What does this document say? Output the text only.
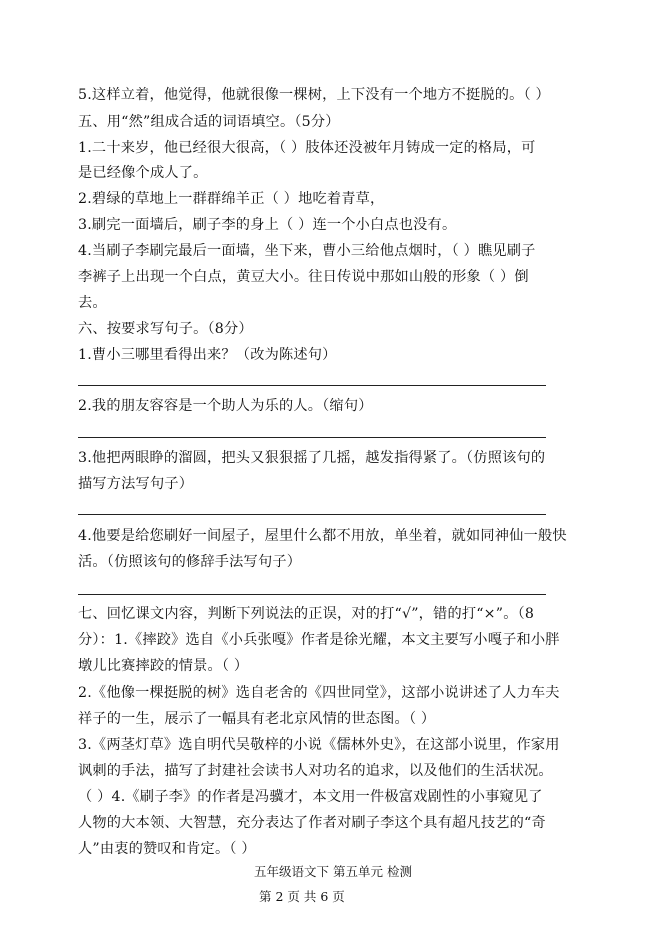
5.这样立着，他觉得，他就很像一棵树，上下没有一个地方不挺脱的。（ ）
五、用“然”组成合适的词语填空。（5分）
1.二十来岁，他已经很大很高，（ ）肢体还没被年月铸成一定的格局，可
是已经像个成人了。
2.碧绿的草地上一群群绵羊正（ ）地吃着青草，
3.刷完一面墙后，刷子李的身上（ ）连一个小白点也没有。
4.当刷子李刷完最后一面墙，坐下来，曹小三给他点烟时，（ ）瞧见刷子
李裤子上出现一个白点，黄豆大小。往日传说中那如山般的形象（ ）倒
去。
六、按要求写句子。（8分）
1.曹小三哪里看得出来？（改为陈述句）
2.我的朋友容容是一个助人为乐的人。（缩句）
3.他把两眼睁的溜圆，把头又狠狠摇了几摇，越发指得紧了。（仿照该句的
描写方法写句子）
4.他要是给您刷好一间屋子，屋里什么都不用放，单坐着，就如同神仙一般快
活。（仿照该句的修辞手法写句子）
七、回忆课文内容，判断下列说法的正误，对的打“√”，错的打“×”。（8
分）：1.《摔跤》选自《小兵张嘎》作者是徐光耀，本文主要写小嘎子和小胖
墩儿比赛摔跤的情景。（ ）
2.《他像一棵挺脱的树》选自老舍的《四世同堂》，这部小说讲述了人力车夫
祥子的一生，展示了一幅具有老北京风情的世态图。（ ）
3.《两茎灯草》选自明代吴敬梓的小说《儒林外史》，在这部小说里，作家用
讽刺的手法，描写了封建社会读书人对功名的追求，以及他们的生活状况。
（ ）4.《刷子李》的作者是冯骥才，本文用一件极富戏剧性的小事窥见了
人物的大本领、大智慧，充分表达了作者对刷子李这个具有超凡技艺的“奇
人”由衷的赞叹和肯定。（ ）
五年级语文下 第五单元 检测
第 2 页 共 6 页
